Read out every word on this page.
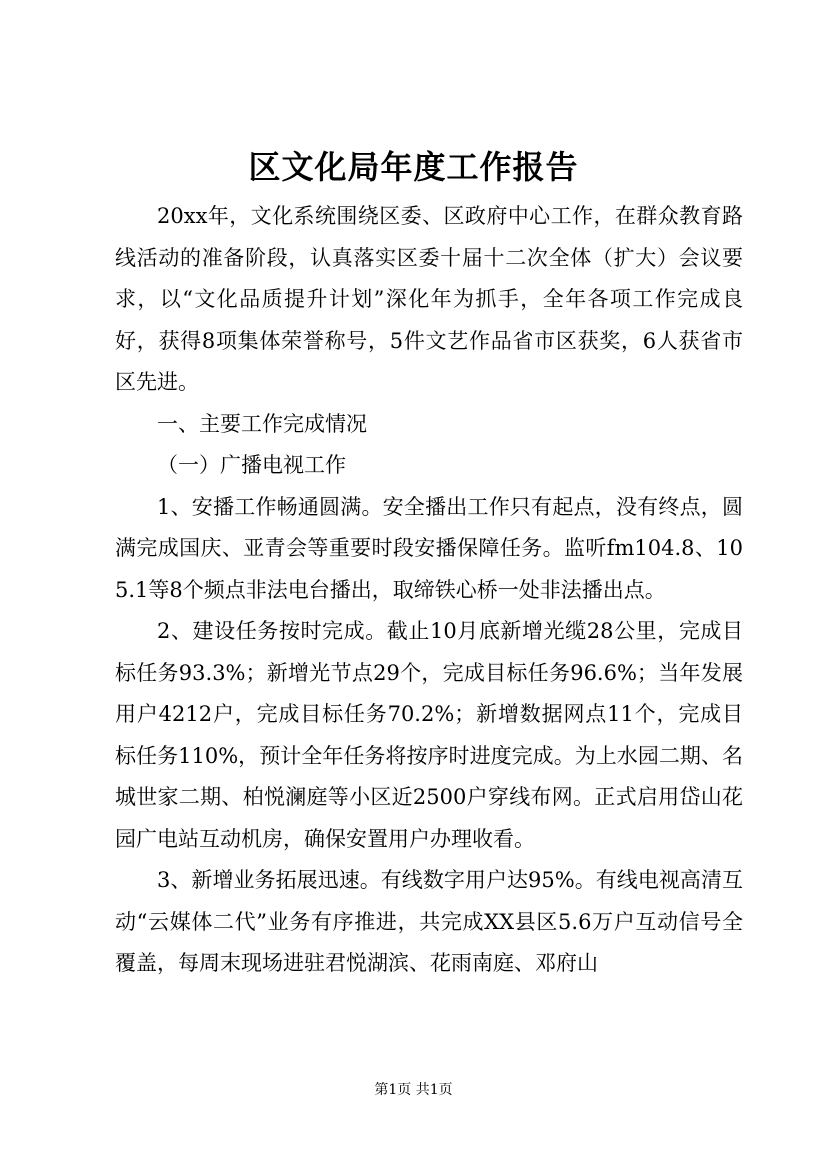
区文化局年度工作报告

20xx年，文化系统围绕区委、区政府中心工作，在群众教育路线活动的准备阶段，认真落实区委十届十二次全体（扩大）会议要求，以“文化品质提升计划”深化年为抓手，全年各项工作完成良好，获得8项集体荣誉称号，5件文艺作品省市区获奖，6人获省市区先进。

一、主要工作完成情况

（一）广播电视工作

1、安播工作畅通圆满。安全播出工作只有起点，没有终点，圆满完成国庆、亚青会等重要时段安播保障任务。监听fm104.8、105.1等8个频点非法电台播出，取缔铁心桥一处非法播出点。

2、建设任务按时完成。截止10月底新增光缆28公里，完成目标任务93.3%；新增光节点29个，完成目标任务96.6%；当年发展用户4212户，完成目标任务70.2%；新增数据网点11个，完成目标任务110%，预计全年任务将按序时进度完成。为上水园二期、名城世家二期、柏悦澜庭等小区近2500户穿线布网。正式启用岱山花园广电站互动机房，确保安置用户办理收看。

3、新增业务拓展迅速。有线数字用户达95%。有线电视高清互动“云媒体二代”业务有序推进，共完成XX县区5.6万户互动信号全覆盖，每周末现场进驻君悦湖滨、花雨南庭、邓府山

第1页 共1页
